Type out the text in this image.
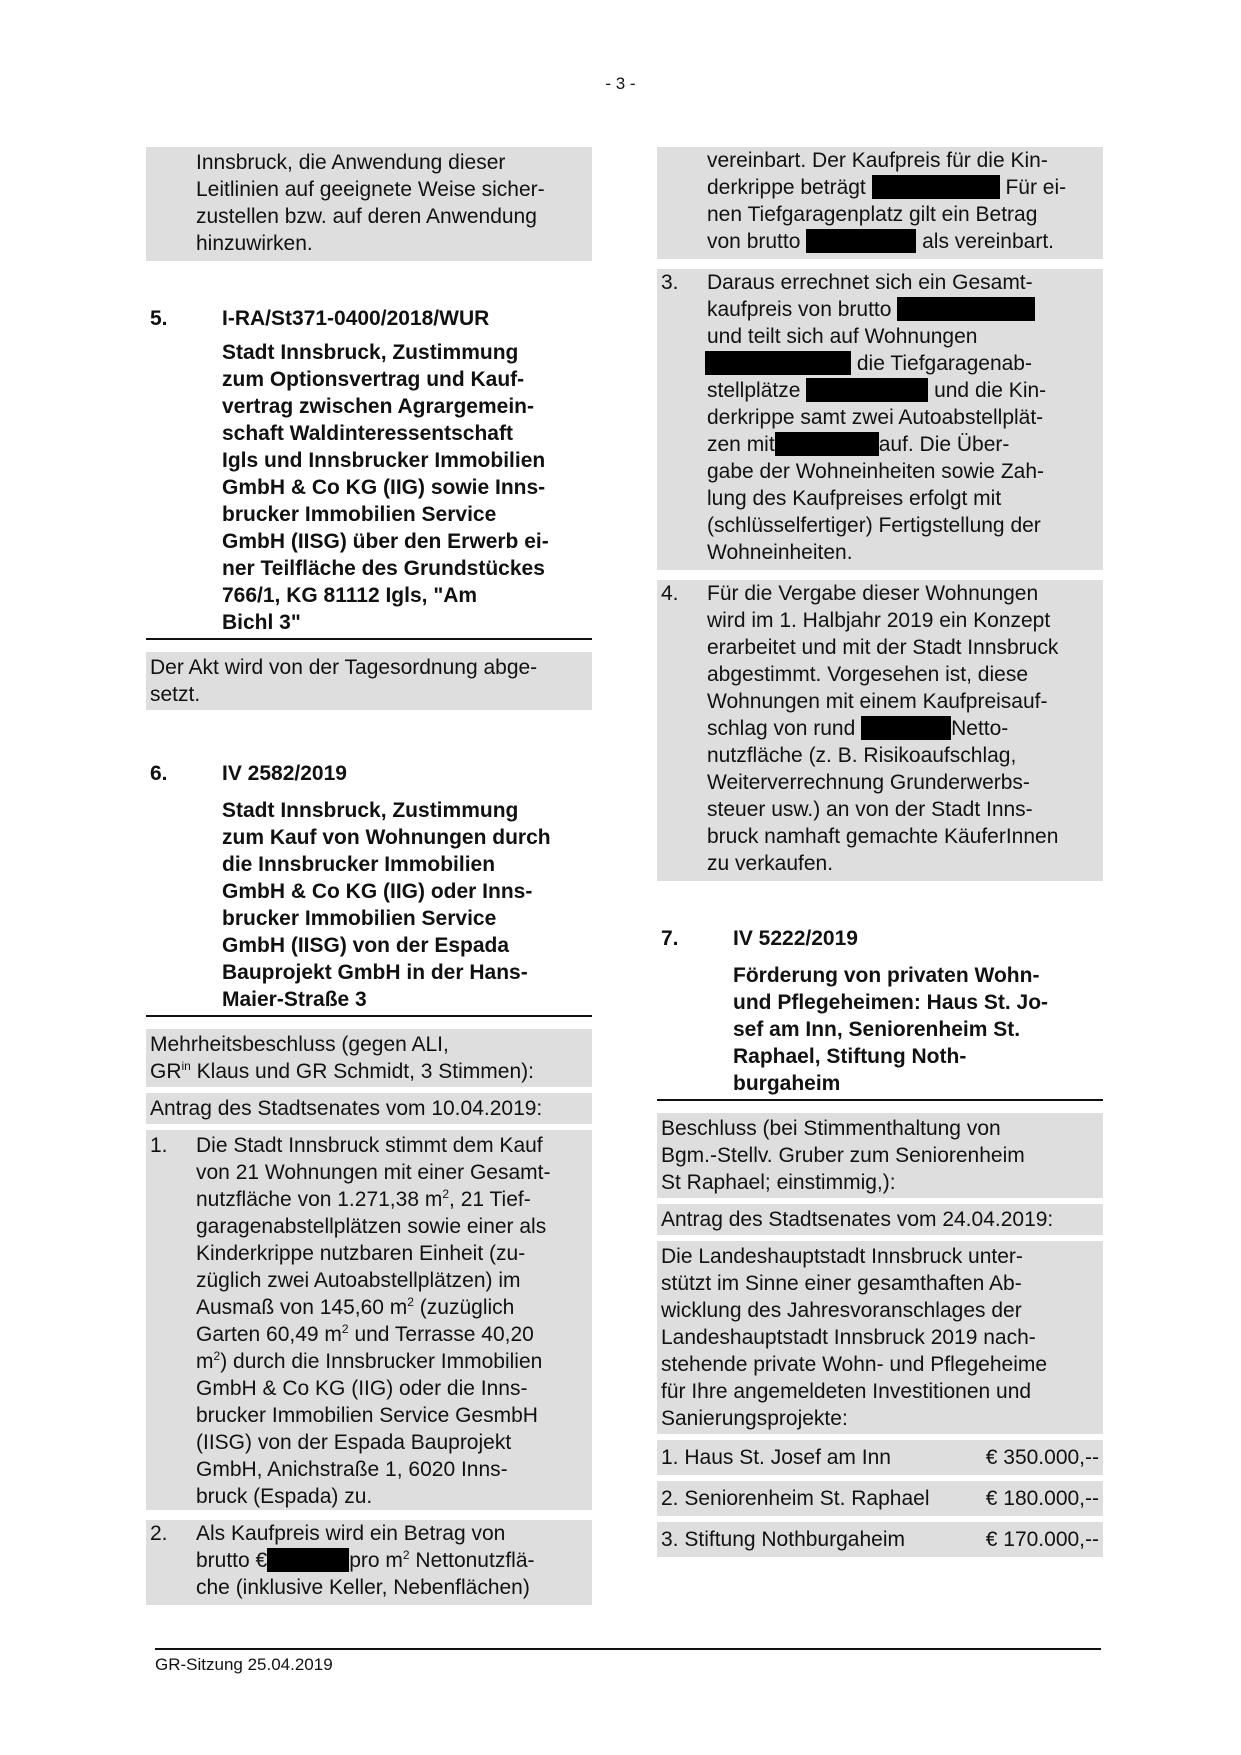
- 3 -
Innsbruck, die Anwendung dieser
Leitlinien auf geeignete Weise sicher-
zustellen bzw. auf deren Anwendung
hinzuwirken.
5.	I-RA/St371-0400/2018/WUR
Stadt Innsbruck, Zustimmung
zum Optionsvertrag und Kauf-
vertrag zwischen Agrargemein-
schaft Waldinteressentschaft
Igls und Innsbrucker Immobilien
GmbH & Co KG (IIG) sowie Inns-
brucker Immobilien Service
GmbH (IISG) über den Erwerb ei-
ner Teilfläche des Grundstückes
766/1, KG 81112 Igls, "Am
Bichl 3"
Der Akt wird von der Tagesordnung abge-
setzt.
6.	IV 2582/2019
Stadt Innsbruck, Zustimmung
zum Kauf von Wohnungen durch
die Innsbrucker Immobilien
GmbH & Co KG (IIG) oder Inns-
brucker Immobilien Service
GmbH (IISG) von der Espada
Bauprojekt GmbH in der Hans-
Maier-Straße 3
Mehrheitsbeschluss (gegen ALI,
$GR^{in}$ Klaus und GR Schmidt, 3 Stimmen):
Antrag des Stadtsenates vom 10.04.2019:
1.	Die Stadt Innsbruck stimmt dem Kauf
von 21 Wohnungen mit einer Gesamt-
nutzfläche von 1.271,38 $m^2$, 21 Tief-
garagenabstellplätzen sowie einer als
Kinderkrippe nutzbaren Einheit (zu-
züglich zwei Autoabstellplätzen) im
Ausmaß von 145,60 $m^2$ (zuzüglich
Garten 60,49 $m^2$ und Terrasse 40,20
$m^2$) durch die Innsbrucker Immobilien
GmbH & Co KG (IIG) oder die Inns-
brucker Immobilien Service GesmbH
(IISG) von der Espada Bauprojekt
GmbH, Anichstraße 1, 6020 Inns-
bruck (Espada) zu.
2.	Als Kaufpreis wird ein Betrag von
brutto €	pro $m^2$ Nettonutzflä-
che (inklusive Keller, Nebenflächen)
vereinbart. Der Kaufpreis für die Kin-
derkrippe beträgt	Für ei-
nen Tiefgaragenplatz gilt ein Betrag
von brutto	als vereinbart.
3.	Daraus errechnet sich ein Gesamt-
kaufpreis von brutto
und teilt sich auf Wohnungen
die Tiefgaragenab-
stellplätze	und die Kin-
derkrippe samt zwei Autoabstellplät-
zen mit	auf. Die Über-
gabe der Wohneinheiten sowie Zah-
lung des Kaufpreises erfolgt mit
(schlüsselfertiger) Fertigstellung der
Wohneinheiten.
4.	Für die Vergabe dieser Wohnungen
wird im 1. Halbjahr 2019 ein Konzept
erarbeitet und mit der Stadt Innsbruck
abgestimmt. Vorgesehen ist, diese
Wohnungen mit einem Kaufpreisauf-
schlag von rund	Netto-
nutzfläche (z. B. Risikoaufschlag,
Weiterverrechnung Grunderwerbs-
steuer usw.) an von der Stadt Inns-
bruck namhaft gemachte KäuferInnen
zu verkaufen.
7.	IV 5222/2019
Förderung von privaten Wohn-
und Pflegeheimen: Haus St. Jo-
sef am Inn, Seniorenheim St.
Raphael, Stiftung Noth-
burgaheim
Beschluss (bei Stimmenthaltung von
Bgm.-Stellv. Gruber zum Seniorenheim
St Raphael; einstimmig,):
Antrag des Stadtsenates vom 24.04.2019:
Die Landeshauptstadt Innsbruck unter-
stützt im Sinne einer gesamthaften Ab-
wicklung des Jahresvoranschlages der
Landeshauptstadt Innsbruck 2019 nach-
stehende private Wohn- und Pflegeheime
für Ihre angemeldeten Investitionen und
Sanierungsprojekte:
1. Haus St. Josef am Inn	€ 350.000,--
2. Seniorenheim St. Raphael	€ 180.000,--
3. Stiftung Nothburgaheim	€ 170.000,--
GR-Sitzung 25.04.2019
